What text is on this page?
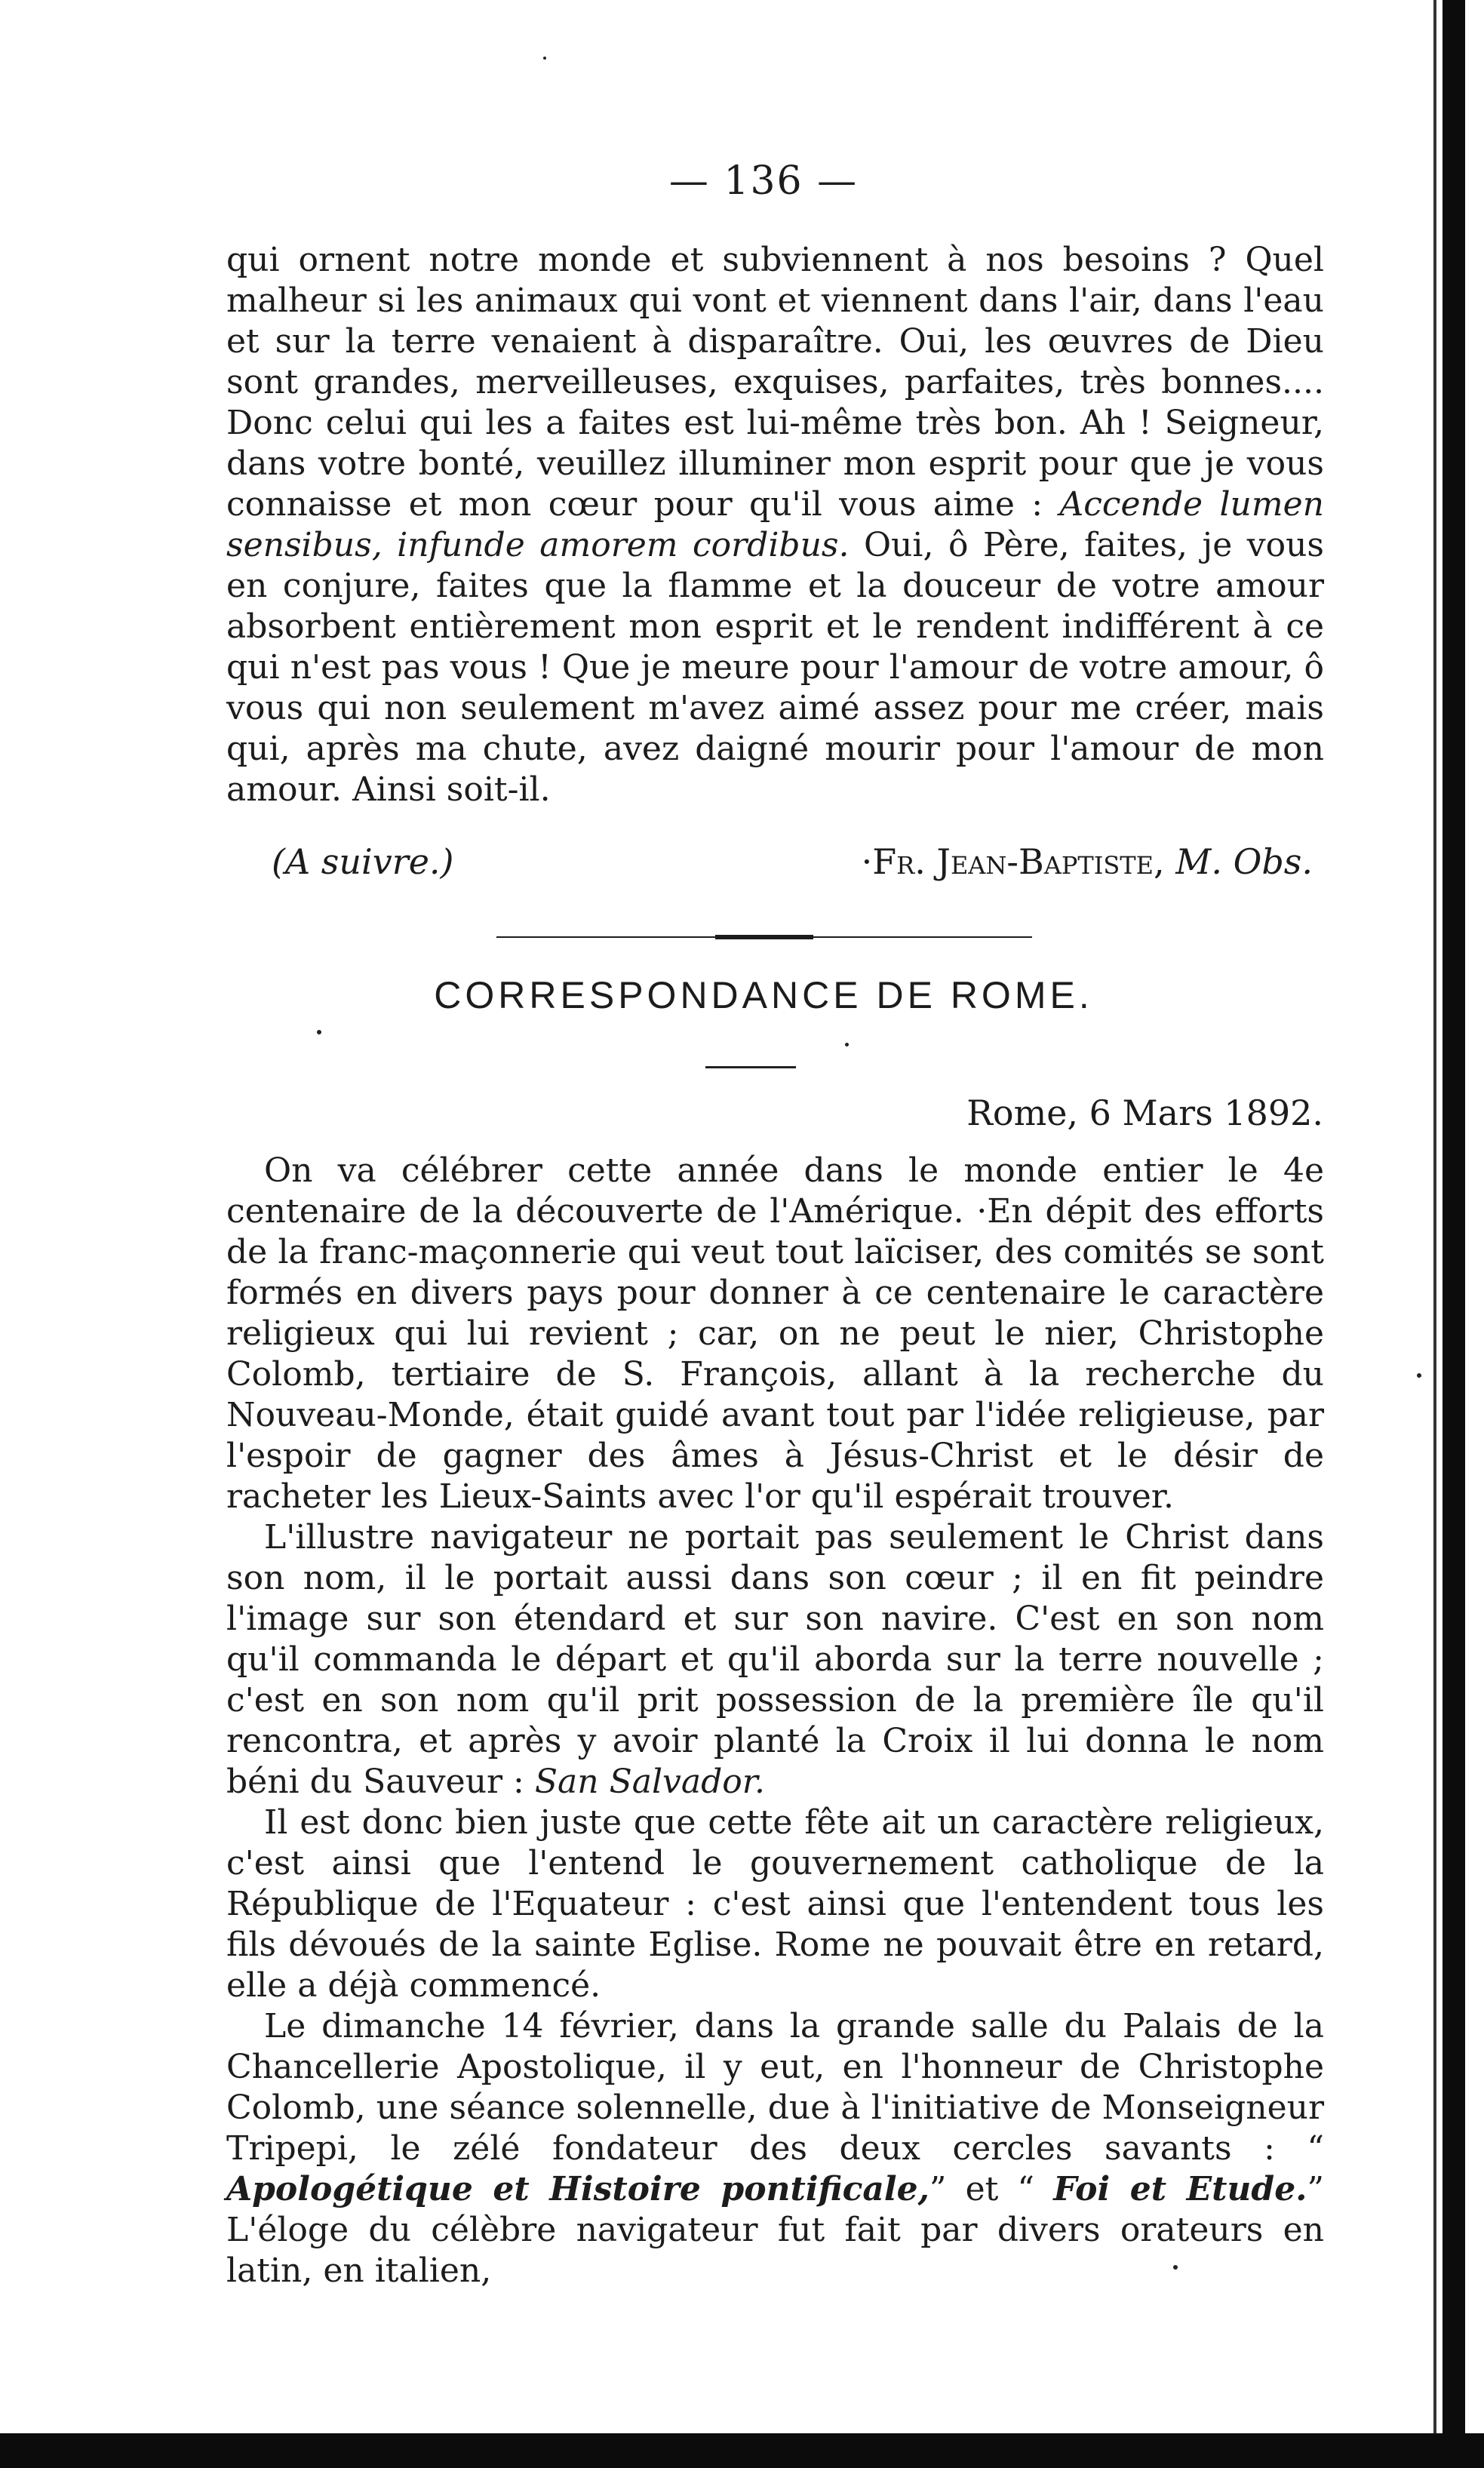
— 136 —

qui ornent notre monde et subviennent à nos besoins ? Quel malheur si les animaux qui vont et viennent dans l'air, dans l'eau et sur la terre venaient à disparaître. Oui, les œuvres de Dieu sont grandes, merveilleuses, exquises, parfaites, très bonnes.... Donc celui qui les a faites est lui-même très bon. Ah ! Seigneur, dans votre bonté, veuillez illuminer mon esprit pour que je vous connaisse et mon cœur pour qu'il vous aime : Accende lumen sensibus, infunde amorem cordibus. Oui, ô Père, faites, je vous en conjure, faites que la flamme et la douceur de votre amour absorbent entièrement mon esprit et le rendent indifférent à ce qui n'est pas vous ! Que je meure pour l'amour de votre amour, ô vous qui non seulement m'avez aimé assez pour me créer, mais qui, après ma chute, avez daigné mourir pour l'amour de mon amour. Ainsi soit-il.

(A suivre.)	·Fr. Jean-Baptiste, M. Obs.
CORRESPONDANCE DE ROME.
Rome, 6 Mars 1892.

On va célébrer cette année dans le monde entier le 4e centenaire de la découverte de l'Amérique. ·En dépit des efforts de la franc-maçonnerie qui veut tout laïciser, des comités se sont formés en divers pays pour donner à ce centenaire le caractère religieux qui lui revient ; car, on ne peut le nier, Christophe Colomb, tertiaire de S. François, allant à la recherche du Nouveau-Monde, était guidé avant tout par l'idée religieuse, par l'espoir de gagner des âmes à Jésus-Christ et le désir de racheter les Lieux-Saints avec l'or qu'il espérait trouver.

L'illustre navigateur ne portait pas seulement le Christ dans son nom, il le portait aussi dans son cœur ; il en fit peindre l'image sur son étendard et sur son navire. C'est en son nom qu'il commanda le départ et qu'il aborda sur la terre nouvelle ; c'est en son nom qu'il prit possession de la première île qu'il rencontra, et après y avoir planté la Croix il lui donna le nom béni du Sauveur : San Salvador.

Il est donc bien juste que cette fête ait un caractère religieux, c'est ainsi que l'entend le gouvernement catholique de la République de l'Equateur : c'est ainsi que l'entendent tous les fils dévoués de la sainte Eglise. Rome ne pouvait être en retard, elle a déjà commencé.

Le dimanche 14 février, dans la grande salle du Palais de la Chancellerie Apostolique, il y eut, en l'honneur de Christophe Colomb, une séance solennelle, due à l'initiative de Monseigneur Tripepi, le zélé fondateur des deux cercles savants : “ Apologétique et Histoire pontificale,” et “ Foi et Etude.” L'éloge du célèbre navigateur fut fait par divers orateurs en latin, en italien,
